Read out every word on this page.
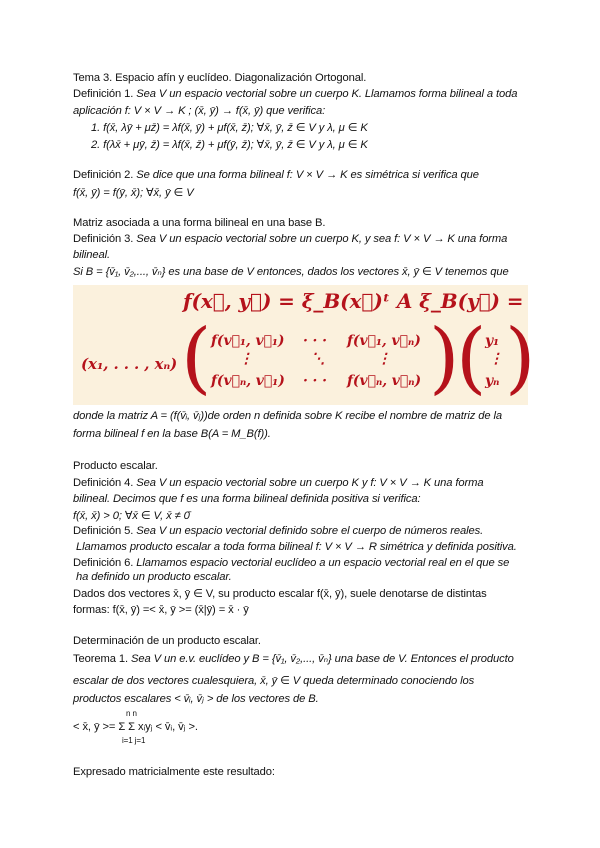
Tema 3. Espacio afín y euclídeo. Diagonalización Ortogonal.
Definición 1. Sea V un espacio vectorial sobre un cuerpo K. Llamamos forma bilineal a toda
aplicación f: V × V → K ; (x̄, ȳ) → f(x̄, ȳ) que verifica:
1. f(x̄, λȳ + μz̄) = λf(x̄, ȳ) + μf(x̄, z̄); ∀x̄, ȳ, z̄ ∈ V y λ, μ ∈ K
2. f(λx̄ + μȳ, z̄) = λf(x̄, z̄) + μf(ȳ, z̄); ∀x̄, ȳ, z̄ ∈ V y λ, μ ∈ K
Definición 2. Se dice que una forma bilineal f: V × V → K es simétrica si verifica que
f(x̄, ȳ) = f(ȳ, x̄); ∀x̄, ȳ ∈ V
Matriz asociada a una forma bilineal en una base B.
Definición 3. Sea V un espacio vectorial sobre un cuerpo K, y sea f: V × V → K una forma
bilineal.
Si B = {v̄₁, v̄₂,..., v̄ₙ} es una base de V entonces, dados los vectores x̄, ȳ ∈ V tenemos que
f(x⃗, y⃗) = ξ_B(x⃗)ᵗ A ξ_B(y⃗) =
(x₁, . . . , xₙ) ( f(v⃗₁, v⃗₁) · · · f(v⃗₁, v⃗ₙ)
⋮	⋱	⋮
f(v⃗ₙ, v⃗₁) · · · f(v⃗ₙ, v⃗ₙ) )
(
y₁
⋮
yₙ )
donde la matriz A = (f(v̄ᵢ, v̄ⱼ))de orden n definida sobre K recibe el nombre de matriz de la
forma bilineal f en la base B(A = M_B(f)).
Producto escalar.
Definición 4. Sea V un espacio vectorial sobre un cuerpo K y f: V × V → K una forma
bilineal. Decimos que f es una forma bilineal definida positiva si verifica:
f(x̄, x̄) > 0; ∀x̄ ∈ V, x̄ ≠ 0̄
Definición 5. Sea V un espacio vectorial definido sobre el cuerpo de números reales.
Llamamos producto escalar a toda forma bilineal f: V × V → R simétrica y definida positiva.
Definición 6. Llamamos espacio vectorial euclídeo a un espacio vectorial real en el que se
ha definido un producto escalar.
Dados dos vectores x̄, ȳ ∈ V, su producto escalar f(x̄, ȳ), suele denotarse de distintas
formas: f(x̄, ȳ) =< x̄, ȳ >= (x̄|ȳ) = x̄ · ȳ
Determinación de un producto escalar.
Teorema 1. Sea V un e.v. euclídeo y B = {v̄₁, v̄₂,..., v̄ₙ} una base de V. Entonces el producto
escalar de dos vectores cualesquiera, x̄, ȳ ∈ V queda determinado conociendo los
productos escalares < v̄ᵢ, v̄ⱼ > de los vectores de B.
n n
< x̄, ȳ >= Σ Σ xᵢyⱼ < v̄ᵢ, v̄ⱼ >.
i=1 j=1
Expresado matricialmente este resultado:
